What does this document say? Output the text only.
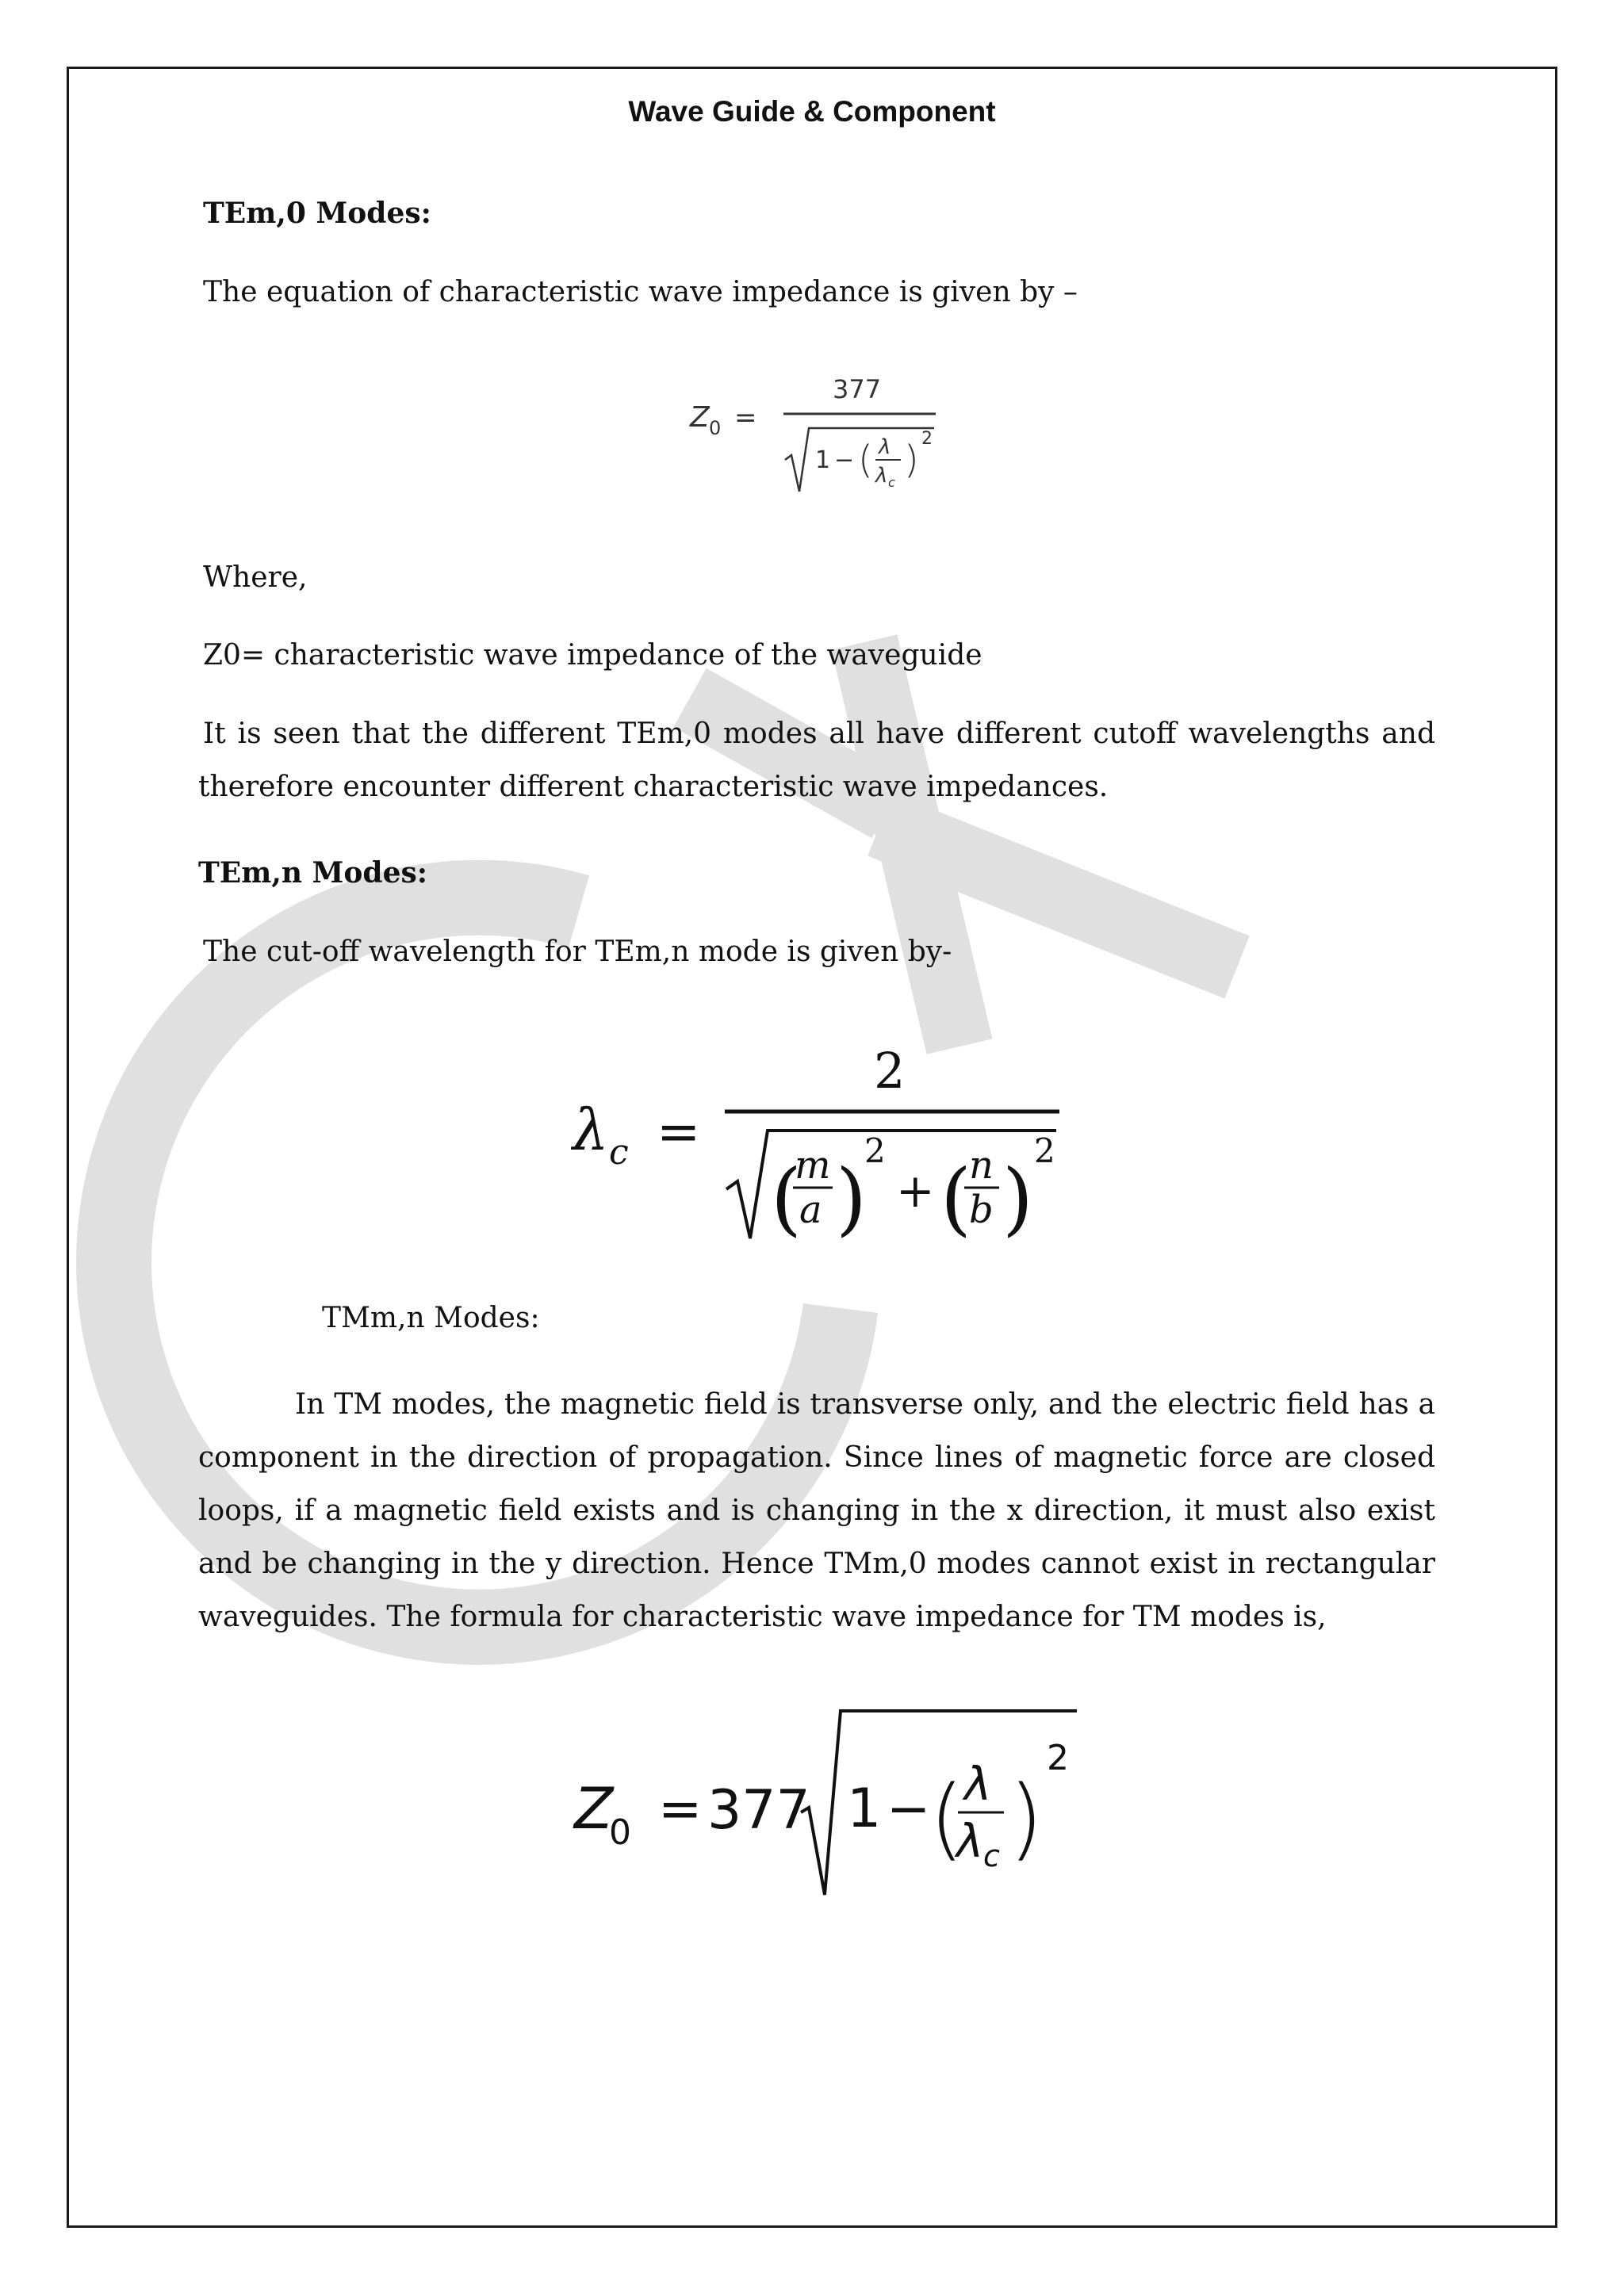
Wave Guide & Component
TEm,0 Modes:
The equation of characteristic wave impedance is given by –
Z 0 =
377
1 − ( λ
λ c
) 2
Where,
Z0= characteristic wave impedance of the waveguide
It is seen that the different TEm,0 modes all have different cutoff wavelengths and therefore encounter different characteristic wave impedances.
TEm,n Modes:
The cut-off wavelength for TEm,n mode is given by-
λ c =
2
(
m
a )
2
+ (
n
b )
2
TMm,n Modes:
In TM modes, the magnetic field is transverse only, and the electric field has a component in the direction of propagation. Since lines of magnetic force are closed loops, if a magnetic field exists and is changing in the x direction, it must also exist and be changing in the y direction. Hence TMm,0 modes cannot exist in rectangular waveguides. The formula for characteristic wave impedance for TM modes is,
Z
0 = 377 1 −
( λ
λ c )
2
